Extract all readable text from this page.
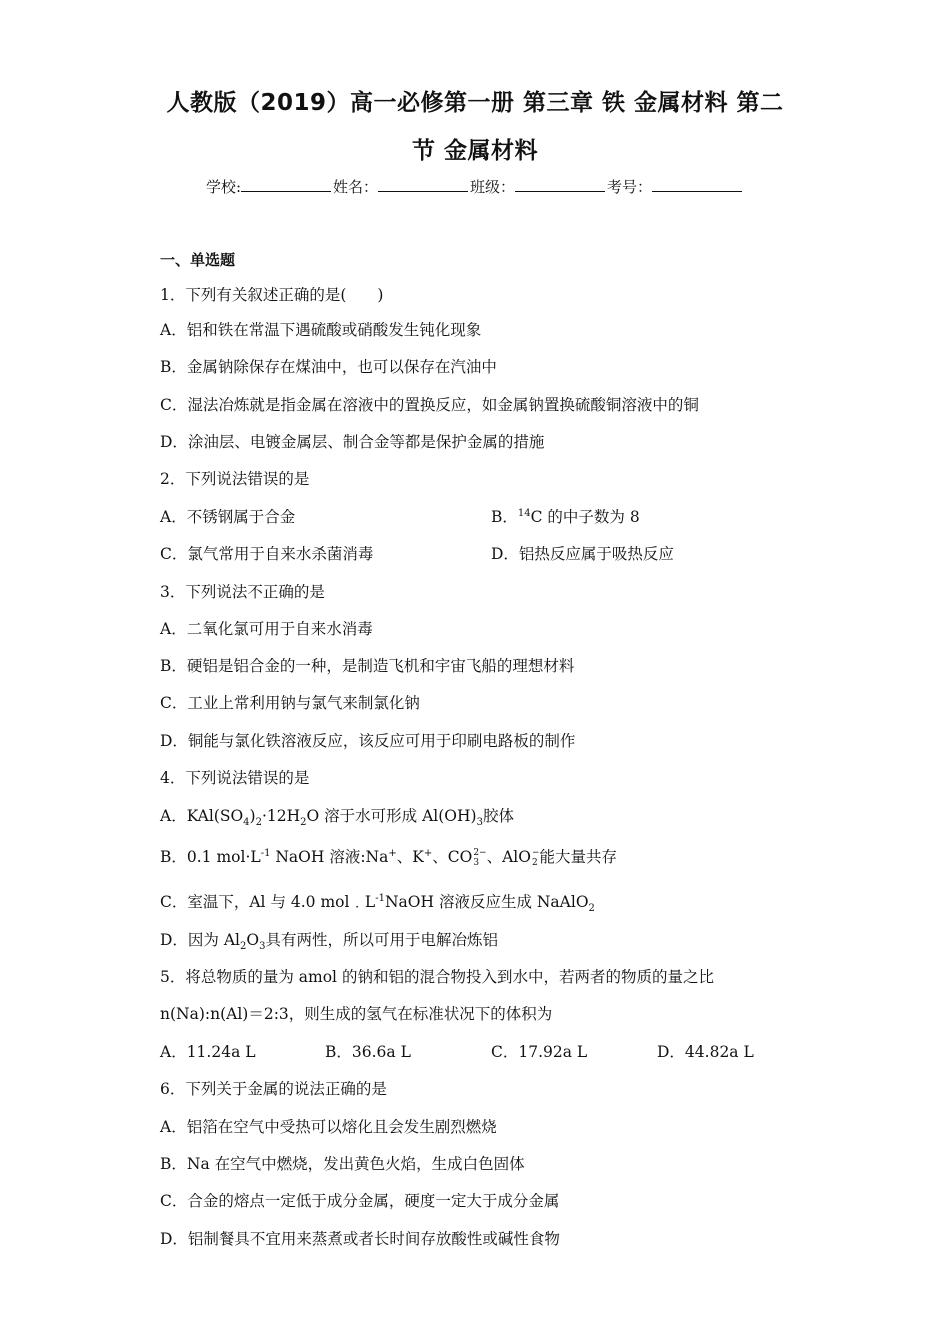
人教版（2019）高一必修第一册 第三章 铁 金属材料 第二
节 金属材料
学校:	姓名：	班级：	考号：
一、单选题
1．下列有关叙述正确的是(　　)
A．铝和铁在常温下遇硫酸或硝酸发生钝化现象
B．金属钠除保存在煤油中，也可以保存在汽油中
C．湿法冶炼就是指金属在溶液中的置换反应，如金属钠置换硫酸铜溶液中的铜
D．涂油层、电镀金属层、制合金等都是保护金属的措施
2．下列说法错误的是
A．不锈钢属于合金	B．$^{14}$C 的中子数为 8
C．氯气常用于自来水杀菌消毒	D．铝热反应属于吸热反应
3．下列说法不正确的是
A．二氧化氯可用于自来水消毒
B．硬铝是铝合金的一种，是制造飞机和宇宙飞船的理想材料
C．工业上常利用钠与氯气来制氯化钠
D．铜能与氯化铁溶液反应，该反应可用于印刷电路板的制作
4．下列说法错误的是
A．$KAl(SO_4)_2\cdot 12H_2O$ 溶于水可形成 $Al(OH)_3$胶体
B．0.1 $mol\cdot L^{-1}$ NaOH 溶液:Na+、K+、CO 2−
3 、AlO −
2 能大量共存
C．室温下，Al 与 4.0 $mol﹒L^{-1}NaOH$ 溶液反应生成 NaAlO$_2$
D．因为 $Al_2O_3$具有两性，所以可用于电解冶炼铝
5．将总物质的量为 amol 的钠和铝的混合物投入到水中，若两者的物质的量之比
n(Na):n(Al)＝2:3，则生成的氢气在标准状况下的体积为
A．11.24a L	B．36.6a L	C．17.92a L	D．44.82a L
6．下列关于金属的说法正确的是
A．铝箔在空气中受热可以熔化且会发生剧烈燃烧
B．Na 在空气中燃烧，发出黄色火焰，生成白色固体
C．合金的熔点一定低于成分金属，硬度一定大于成分金属
D．铝制餐具不宜用来蒸煮或者长时间存放酸性或碱性食物
